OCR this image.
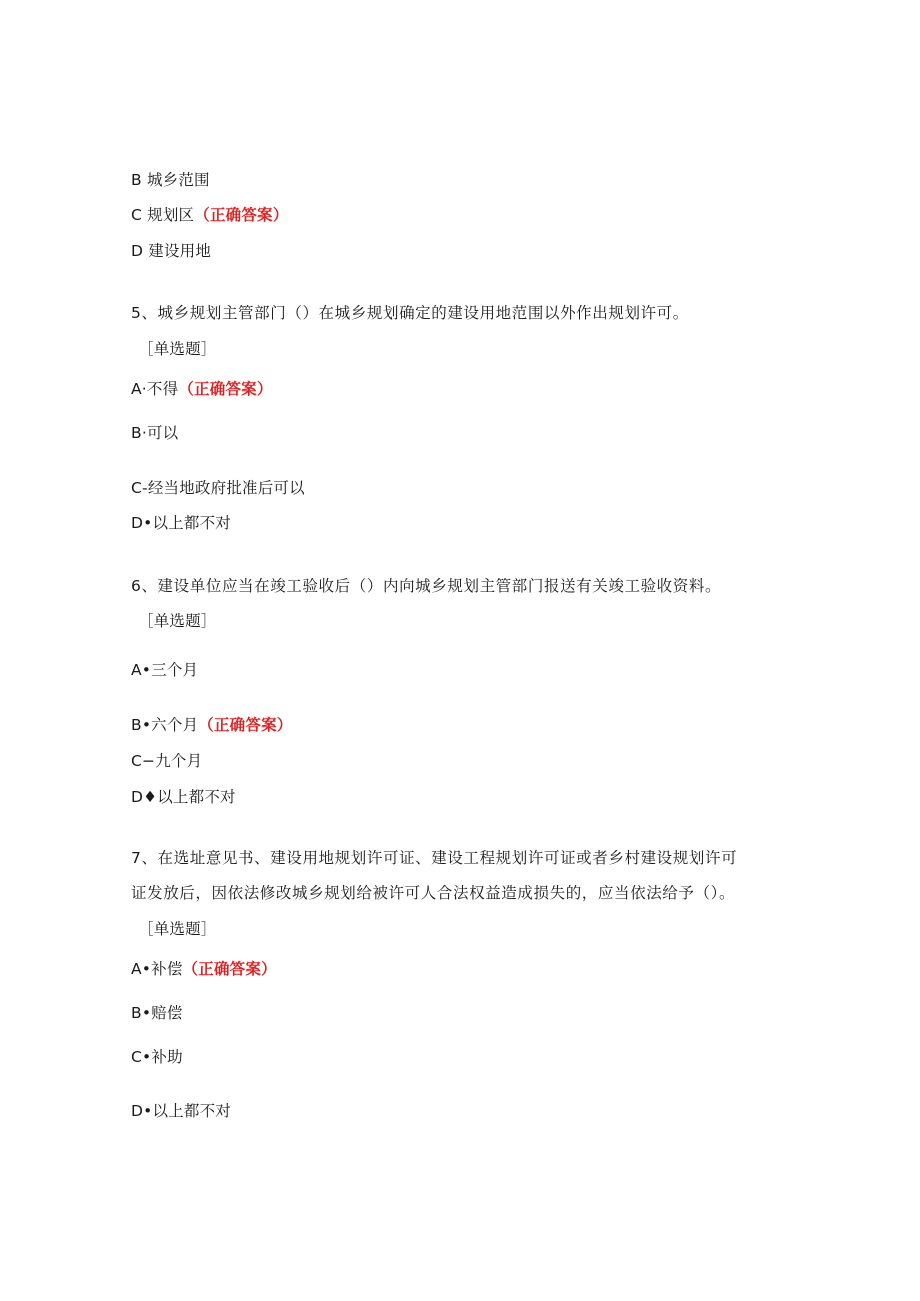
B 城乡范围
C 规划区（正确答案）
D 建设用地
5、城乡规划主管部门（）在城乡规划确定的建设用地范围以外作出规划许可。
［单选题］
A·不得（正确答案）
B·可以
C-经当地政府批准后可以
D•以上都不对
6、建设单位应当在竣工验收后（）内向城乡规划主管部门报送有关竣工验收资料。
［单选题］
A•三个月
B•六个月（正确答案）
C−九个月
D♦以上都不对
7、在选址意见书、建设用地规划许可证、建设工程规划许可证或者乡村建设规划许可
证发放后，因依法修改城乡规划给被许可人合法权益造成损失的，应当依法给予（）。
［单选题］
A•补偿（正确答案）
B•赔偿
C•补助
D•以上都不对
